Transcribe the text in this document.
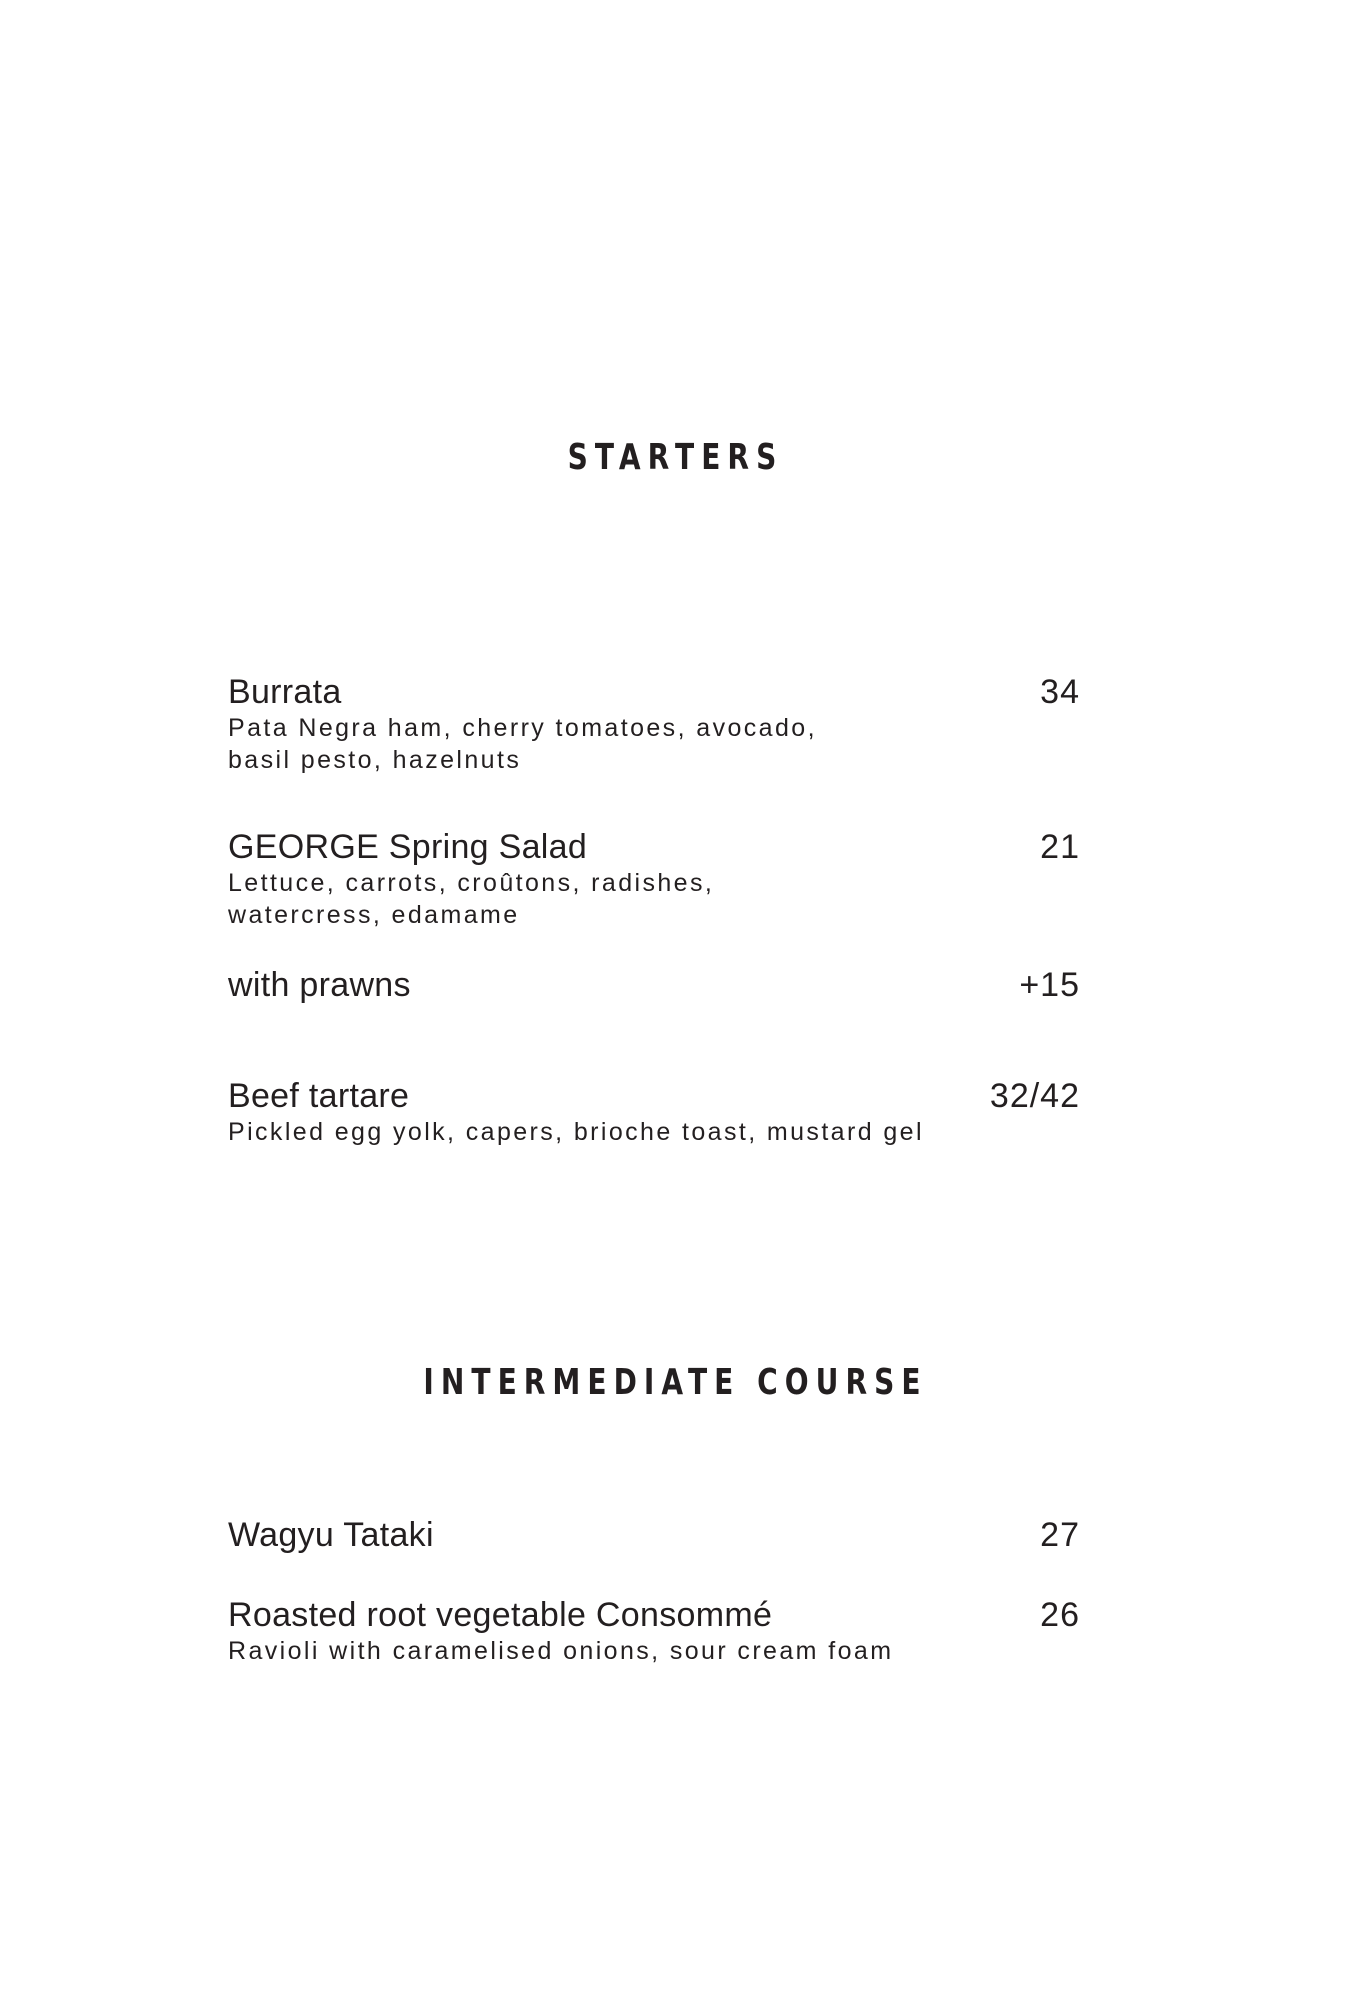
STARTERS
Burrata	34
Pata Negra ham, cherry tomatoes, avocado,
basil pesto, hazelnuts
GEORGE Spring Salad	21
Lettuce, carrots, croûtons, radishes,
watercress, edamame
with prawns	+15
Beef tartare	32/42
Pickled egg yolk, capers, brioche toast, mustard gel
INTERMEDIATE COURSE
Wagyu Tataki	27
Roasted root vegetable Consommé	26
Ravioli with caramelised onions, sour cream foam
